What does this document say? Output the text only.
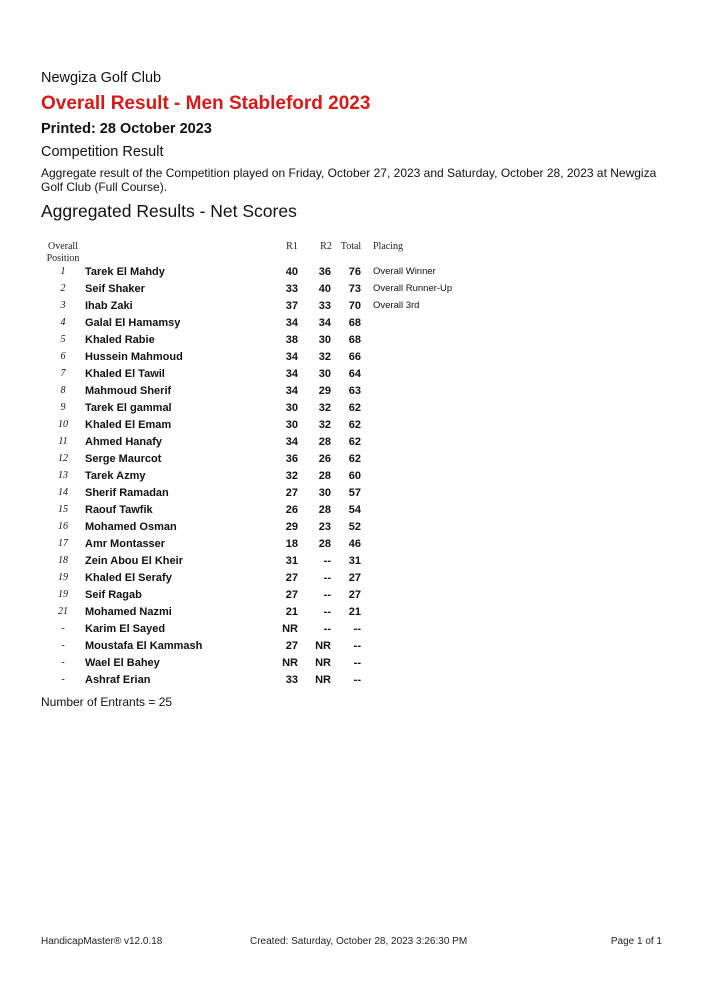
Newgiza Golf Club
Overall Result - Men Stableford 2023
Printed: 28 October 2023
Competition Result
Aggregate result of the Competition played on Friday, October 27, 2023 and Saturday, October 28, 2023 at Newgiza Golf Club (Full Course).
Aggregated Results - Net Scores
Overall Position
R1	R2 Total Placing
1	Tarek El Mahdy	40	36	76 Overall Winner
2	Seif Shaker	33	40	73 Overall Runner-Up
3	Ihab Zaki	37	33	70 Overall 3rd
4	Galal El Hamamsy	34	34	68
5	Khaled Rabie	38	30	68
6	Hussein Mahmoud	34	32	66
7	Khaled El Tawil	34	30	64
8	Mahmoud Sherif	34	29	63
9	Tarek El gammal	30	32	62
10	Khaled El Emam	30	32	62
11	Ahmed Hanafy	34	28	62
12	Serge Maurcot	36	26	62
13	Tarek Azmy	32	28	60
14	Sherif Ramadan	27	30	57
15	Raouf Tawfik	26	28	54
16	Mohamed Osman	29	23	52
17	Amr Montasser	18	28	46
18	Zein Abou El Kheir	31	--	31
19	Khaled El Serafy	27	--	27
19	Seif Ragab	27	--	27
21	Mohamed Nazmi	21	--	21
-	Karim El Sayed	NR	--	--
-	Moustafa El Kammash	27	NR	--
-	Wael El Bahey	NR	NR	--
-	Ashraf Erian	33	NR	--
Number of Entrants = 25
HandicapMaster® v12.0.18	Created: Saturday, October 28, 2023 3:26:30 PM	Page 1 of 1
